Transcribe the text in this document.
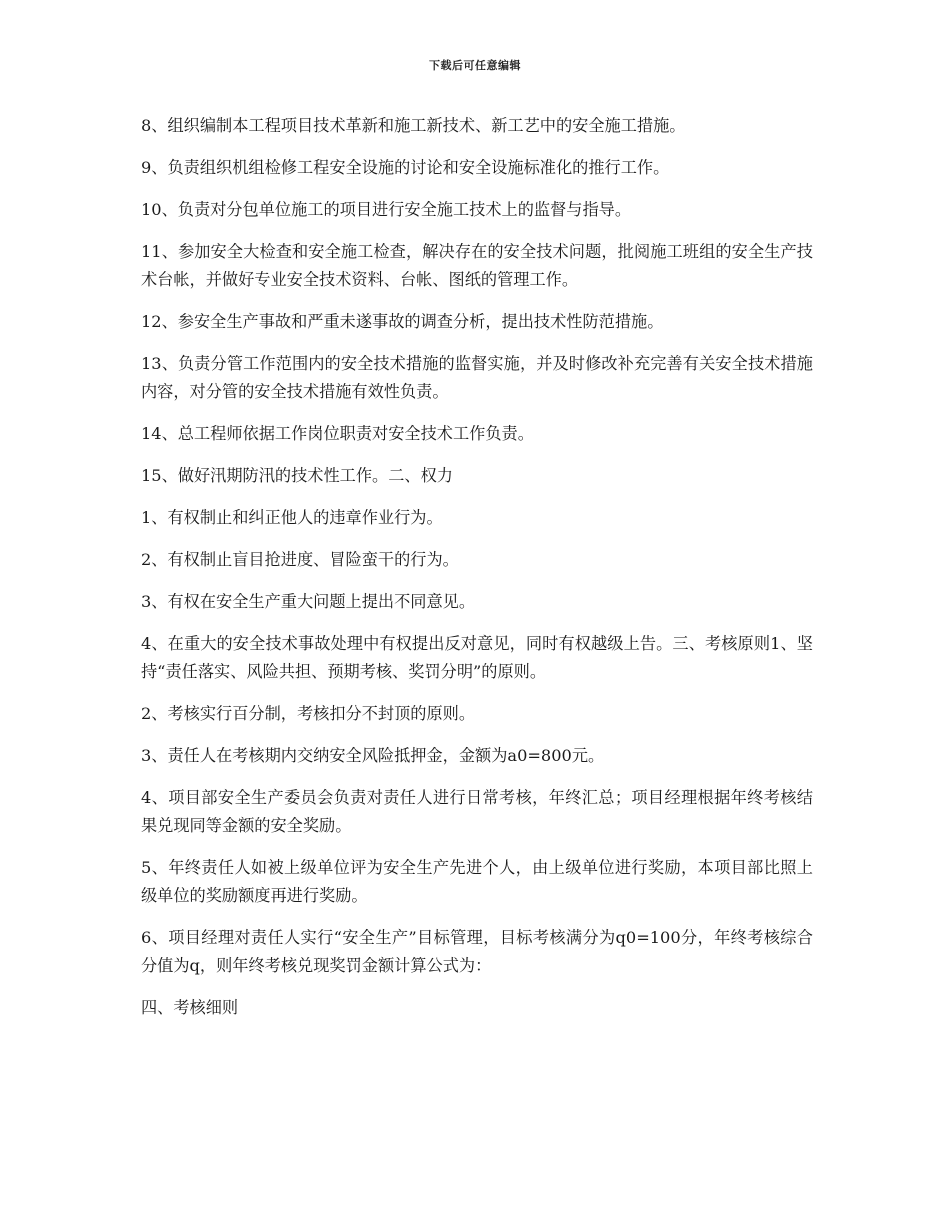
下载后可任意编辑

8、组织编制本工程项目技术革新和施工新技术、新工艺中的安全施工措施。

9、负责组织机组检修工程安全设施的讨论和安全设施标准化的推行工作。

10、负责对分包单位施工的项目进行安全施工技术上的监督与指导。

11、参加安全大检查和安全施工检查，解决存在的安全技术问题，批阅施工班组的安全生产技术台帐，并做好专业安全技术资料、台帐、图纸的管理工作。

12、参安全生产事故和严重未遂事故的调查分析，提出技术性防范措施。

13、负责分管工作范围内的安全技术措施的监督实施，并及时修改补充完善有关安全技术措施内容，对分管的安全技术措施有效性负责。

14、总工程师依据工作岗位职责对安全技术工作负责。

15、做好汛期防汛的技术性工作。二、权力

1、有权制止和纠正他人的违章作业行为。

2、有权制止盲目抢进度、冒险蛮干的行为。

3、有权在安全生产重大问题上提出不同意见。

4、在重大的安全技术事故处理中有权提出反对意见，同时有权越级上告。三、考核原则1、坚持“责任落实、风险共担、预期考核、奖罚分明”的原则。

2、考核实行百分制，考核扣分不封顶的原则。

3、责任人在考核期内交纳安全风险抵押金，金额为a0=800元。

4、项目部安全生产委员会负责对责任人进行日常考核，年终汇总；项目经理根据年终考核结果兑现同等金额的安全奖励。

5、年终责任人如被上级单位评为安全生产先进个人，由上级单位进行奖励，本项目部比照上级单位的奖励额度再进行奖励。

6、项目经理对责任人实行“安全生产”目标管理，目标考核满分为q0=100分，年终考核综合分值为q，则年终考核兑现奖罚金额计算公式为：

四、考核细则
